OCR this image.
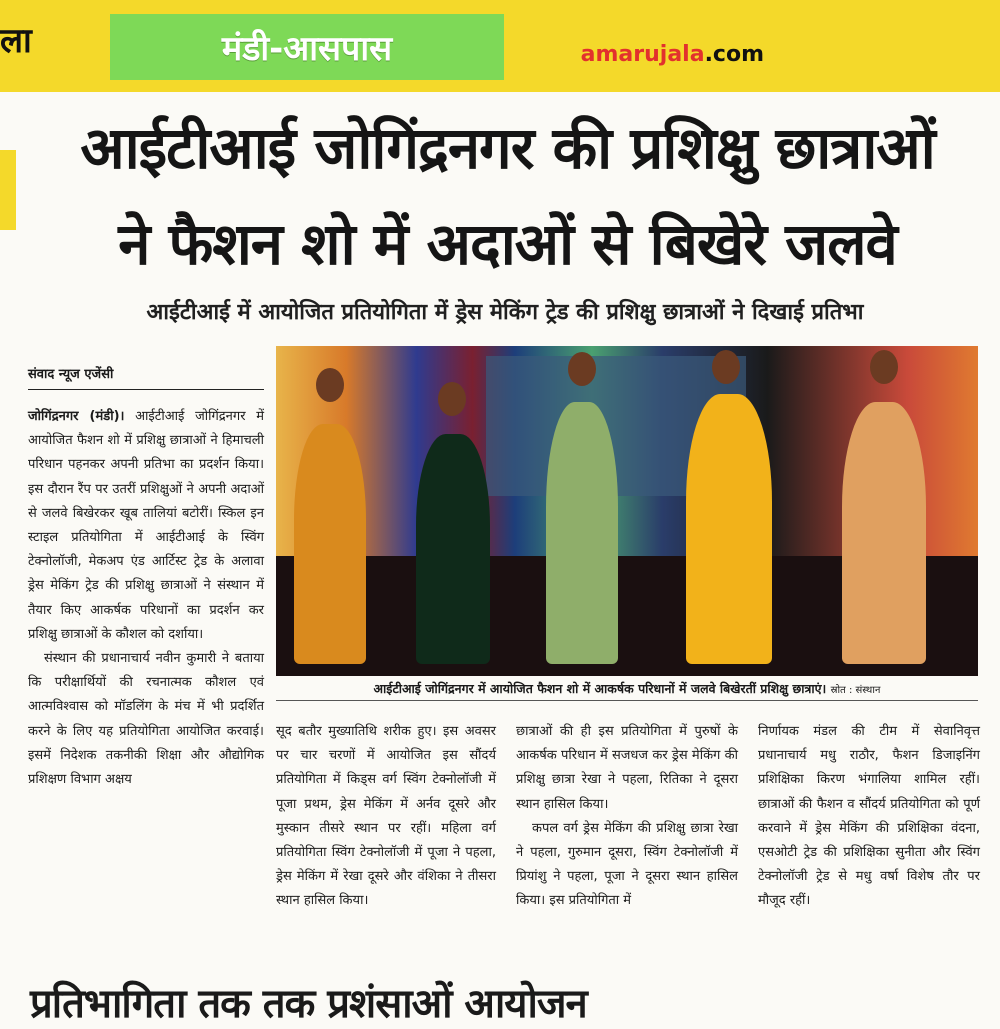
ला	मंडी-आसपास	amarujala.com
आईटीआई जोगिंद्रनगर की प्रशिक्षु छात्राओं
ने फैशन शो में अदाओं से बिखेरे जलवे
आईटीआई में आयोजित प्रतियोगिता में ड्रेस मेकिंग ट्रेड की प्रशिक्षु छात्राओं ने दिखाई प्रतिभा
संवाद न्यूज एजेंसी

जोगिंद्रनगर (मंडी)। आईटीआई जोगिंद्रनगर में आयोजित फैशन शो में प्रशिक्षु छात्राओं ने हिमाचली परिधान पहनकर अपनी प्रतिभा का प्रदर्शन किया। इस दौरान रैंप पर उतरीं प्रशिक्षुओं ने अपनी अदाओं से जलवे बिखेरकर खूब तालियां बटोरीं। स्किल इन स्टाइल प्रतियोगिता में आईटीआई के स्विंग टेक्नोलॉजी, मेकअप एंड आर्टिस्ट ट्रेड के अलावा ड्रेस मेकिंग ट्रेड की प्रशिक्षु छात्राओं ने संस्थान में तैयार किए आकर्षक परिधानों का प्रदर्शन कर प्रशिक्षु छात्राओं के कौशल को दर्शाया।

संस्थान की प्रधानाचार्य नवीन कुमारी ने बताया कि परीक्षार्थियों की रचनात्मक कौशल एवं आत्मविश्वास को मॉडलिंग के मंच में भी प्रदर्शित करने के लिए यह प्रतियोगिता आयोजित करवाई। इसमें निदेशक तकनीकी शिक्षा और औद्योगिक प्रशिक्षण विभाग अक्षय

आईटीआई जोगिंद्रनगर में आयोजित फैशन शो में आकर्षक परिधानों में जलवे बिखेरतीं प्रशिक्षु छात्राएं। स्रोत : संस्थान

सूद बतौर मुख्यातिथि शरीक हुए। इस अवसर पर चार चरणों में आयोजित इस सौंदर्य प्रतियोगिता में किड्स वर्ग स्विंग टेक्नोलॉजी में पूजा प्रथम, ड्रेस मेकिंग में अर्नव दूसरे और मुस्कान तीसरे स्थान पर रहीं। महिला वर्ग प्रतियोगिता स्विंग टेक्नोलॉजी में पूजा ने पहला, ड्रेस मेकिंग में रेखा दूसरे और वंशिका ने तीसरा स्थान हासिल किया।

छात्राओं की ही इस प्रतियोगिता में पुरुषों के आकर्षक परिधान में सजधज कर ड्रेस मेकिंग की प्रशिक्षु छात्रा रेखा ने पहला, रितिका ने दूसरा स्थान हासिल किया।

कपल वर्ग ड्रेस मेकिंग की प्रशिक्षु छात्रा रेखा ने पहला, गुरुमान दूसरा, स्विंग टेक्नोलॉजी में प्रियांशु ने पहला, पूजा ने दूसरा स्थान हासिल किया। इस प्रतियोगिता में

निर्णायक मंडल की टीम में सेवानिवृत्त प्रधानाचार्य मधु राठौर, फैशन डिजाइनिंग प्रशिक्षिका किरण भंगालिया शामिल रहीं। छात्राओं की फैशन व सौंदर्य प्रतियोगिता को पूर्ण करवाने में ड्रेस मेकिंग की प्रशिक्षिका वंदना, एसओटी ट्रेड की प्रशिक्षिका सुनीता और स्विंग टेक्नोलॉजी ट्रेड से मधु वर्षा विशेष तौर पर मौजूद रहीं।

प्रतिभागिता तक तक प्रशंसाओं आयोजन
